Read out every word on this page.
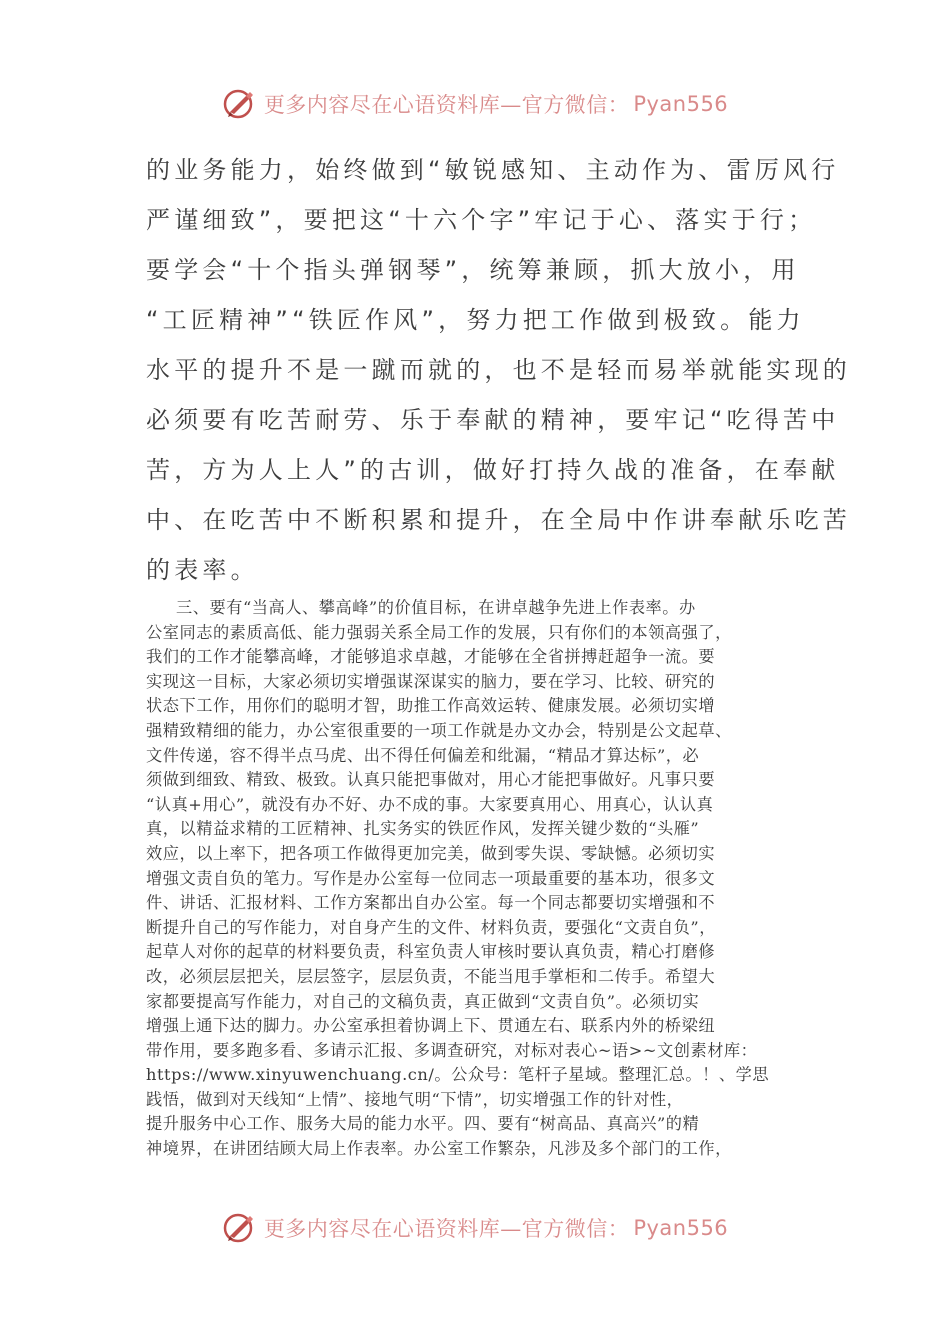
更多内容尽在心语资料库—官方微信： Pyan556
的业务能力，始终做到“敏锐感知、主动作为、雷厉风行
严谨细致”，要把这“十六个字”牢记于心、落实于行；
要学会“十个指头弹钢琴”，统筹兼顾，抓大放小，用
“工匠精神”“铁匠作风”，努力把工作做到极致。能力
水平的提升不是一蹴而就的，也不是轻而易举就能实现的
必须要有吃苦耐劳、乐于奉献的精神，要牢记“吃得苦中
苦，方为人上人”的古训，做好打持久战的准备，在奉献
中、在吃苦中不断积累和提升，在全局中作讲奉献乐吃苦
的表率。
三、要有“当高人、攀高峰”的价值目标，在讲卓越争先进上作表率。办
公室同志的素质高低、能力强弱关系全局工作的发展，只有你们的本领高强了，
我们的工作才能攀高峰，才能够追求卓越，才能够在全省拼搏赶超争一流。要
实现这一目标，大家必须切实增强谋深谋实的脑力，要在学习、比较、研究的
状态下工作，用你们的聪明才智，助推工作高效运转、健康发展。必须切实增
强精致精细的能力，办公室很重要的一项工作就是办文办会，特别是公文起草、
文件传递，容不得半点马虎、出不得任何偏差和纰漏，“精品才算达标”，必
须做到细致、精致、极致。认真只能把事做对，用心才能把事做好。凡事只要
“认真+用心”，就没有办不好、办不成的事。大家要真用心、用真心，认认真
真，以精益求精的工匠精神、扎实务实的铁匠作风，发挥关键少数的“头雁”
效应，以上率下，把各项工作做得更加完美，做到零失误、零缺憾。必须切实
增强文责自负的笔力。写作是办公室每一位同志一项最重要的基本功，很多文
件、讲话、汇报材料、工作方案都出自办公室。每一个同志都要切实增强和不
断提升自己的写作能力，对自身产生的文件、材料负责，要强化“文责自负”，
起草人对你的起草的材料要负责，科室负责人审核时要认真负责，精心打磨修
改，必须层层把关，层层签字，层层负责，不能当甩手掌柜和二传手。希望大
家都要提高写作能力，对自己的文稿负责，真正做到“文责自负”。必须切实
增强上通下达的脚力。办公室承担着协调上下、贯通左右、联系内外的桥梁纽
带作用，要多跑多看、多请示汇报、多调查研究，对标对表心~语>~文创素材库：
https://www.xinyuwenchuang.cn/。公众号：笔杆子星域。整理汇总。！、学思
践悟，做到对天线知“上情”、接地气明“下情”，切实增强工作的针对性，
提升服务中心工作、服务大局的能力水平。四、要有“树高品、真高兴”的精
神境界，在讲团结顾大局上作表率。办公室工作繁杂，凡涉及多个部门的工作，
更多内容尽在心语资料库—官方微信： Pyan556
